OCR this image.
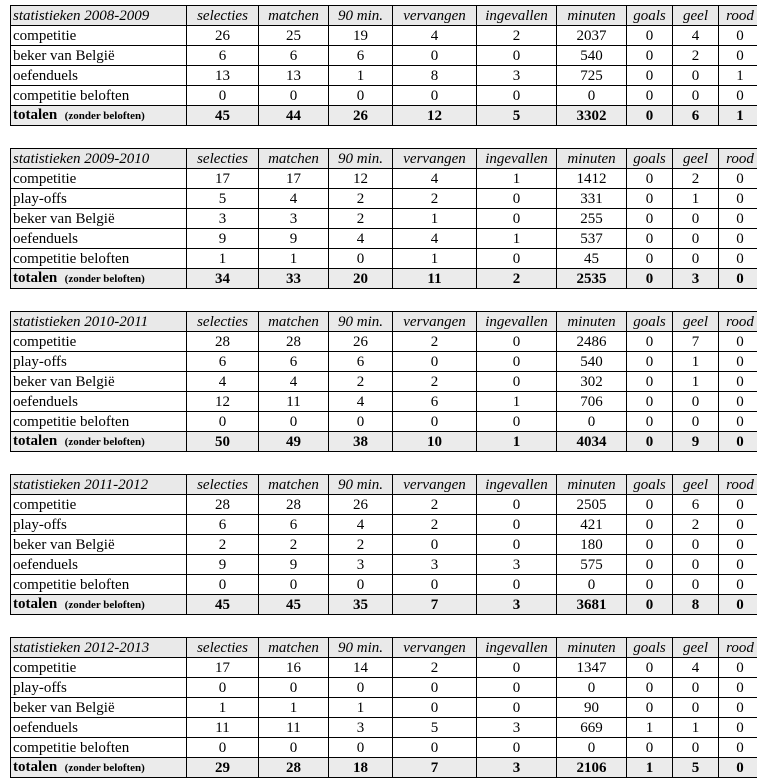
statistieken 2008-2009	selecties	matchen	90 min.	vervangen	ingevallen	minuten	goals	geel	rood
competitie	26	25	19	4	2	2037	0	4	0
beker van België	6	6	6	0	0	540	0	2	0
oefenduels	13	13	1	8	3	725	0	0	1
competitie beloften	0	0	0	0	0	0	0	0	0
totalen (zonder beloften)	45	44	26	12	5	3302	0	6	1
statistieken 2009-2010	selecties	matchen	90 min.	vervangen	ingevallen	minuten	goals	geel	rood
competitie	17	17	12	4	1	1412	0	2	0
play-offs	5	4	2	2	0	331	0	1	0
beker van België	3	3	2	1	0	255	0	0	0
oefenduels	9	9	4	4	1	537	0	0	0
competitie beloften	1	1	0	1	0	45	0	0	0
totalen (zonder beloften)	34	33	20	11	2	2535	0	3	0
statistieken 2010-2011	selecties	matchen	90 min.	vervangen	ingevallen	minuten	goals	geel	rood
competitie	28	28	26	2	0	2486	0	7	0
play-offs	6	6	6	0	0	540	0	1	0
beker van België	4	4	2	2	0	302	0	1	0
oefenduels	12	11	4	6	1	706	0	0	0
competitie beloften	0	0	0	0	0	0	0	0	0
totalen (zonder beloften)	50	49	38	10	1	4034	0	9	0
statistieken 2011-2012	selecties	matchen	90 min.	vervangen	ingevallen	minuten	goals	geel	rood
competitie	28	28	26	2	0	2505	0	6	0
play-offs	6	6	4	2	0	421	0	2	0
beker van België	2	2	2	0	0	180	0	0	0
oefenduels	9	9	3	3	3	575	0	0	0
competitie beloften	0	0	0	0	0	0	0	0	0
totalen (zonder beloften)	45	45	35	7	3	3681	0	8	0
statistieken 2012-2013	selecties	matchen	90 min.	vervangen	ingevallen	minuten	goals	geel	rood
competitie	17	16	14	2	0	1347	0	4	0
play-offs	0	0	0	0	0	0	0	0	0
beker van België	1	1	1	0	0	90	0	0	0
oefenduels	11	11	3	5	3	669	1	1	0
competitie beloften	0	0	0	0	0	0	0	0	0
totalen (zonder beloften)	29	28	18	7	3	2106	1	5	0
